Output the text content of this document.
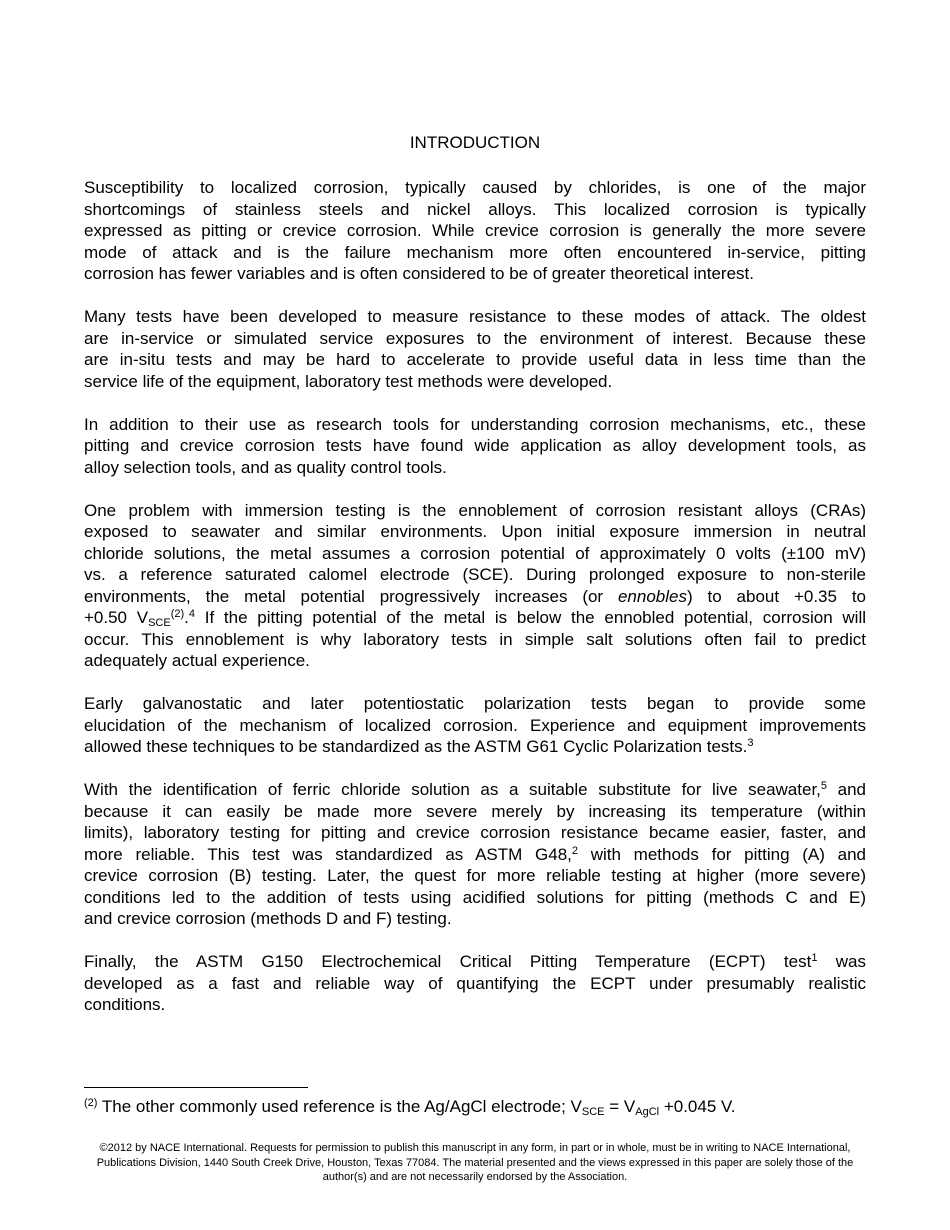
INTRODUCTION
Susceptibility to localized corrosion, typically caused by chlorides, is one of the major
shortcomings of stainless steels and nickel alloys. This localized corrosion is typically
expressed as pitting or crevice corrosion. While crevice corrosion is generally the more severe
mode of attack and is the failure mechanism more often encountered in-service, pitting
corrosion has fewer variables and is often considered to be of greater theoretical interest.
Many tests have been developed to measure resistance to these modes of attack. The oldest
are in-service or simulated service exposures to the environment of interest. Because these
are in-situ tests and may be hard to accelerate to provide useful data in less time than the
service life of the equipment, laboratory test methods were developed.
In addition to their use as research tools for understanding corrosion mechanisms, etc., these
pitting and crevice corrosion tests have found wide application as alloy development tools, as
alloy selection tools, and as quality control tools.
One problem with immersion testing is the ennoblement of corrosion resistant alloys (CRAs)
exposed to seawater and similar environments. Upon initial exposure immersion in neutral
chloride solutions, the metal assumes a corrosion potential of approximately 0 volts (±100 mV)
vs. a reference saturated calomel electrode (SCE). During prolonged exposure to non-sterile
environments, the metal potential progressively increases (or ennobles) to about +0.35 to
+0.50 $V_{SCE}^{(2)}.^4$ If the pitting potential of the metal is below the ennobled potential, corrosion will
occur. This ennoblement is why laboratory tests in simple salt solutions often fail to predict
adequately actual experience.
Early galvanostatic and later potentiostatic polarization tests began to provide some
elucidation of the mechanism of localized corrosion. Experience and equipment improvements
allowed these techniques to be standardized as the ASTM G61 Cyclic Polarization tests.$^3$
With the identification of ferric chloride solution as a suitable substitute for live seawater,$^5$ and
because it can easily be made more severe merely by increasing its temperature (within
limits), laboratory testing for pitting and crevice corrosion resistance became easier, faster, and
more reliable. This test was standardized as ASTM G48,$^2$ with methods for pitting (A) and
crevice corrosion (B) testing. Later, the quest for more reliable testing at higher (more severe)
conditions led to the addition of tests using acidified solutions for pitting (methods C and E)
and crevice corrosion (methods D and F) testing.
Finally, the ASTM G150 Electrochemical Critical Pitting Temperature (ECPT) test$^1$ was
developed as a fast and reliable way of quantifying the ECPT under presumably realistic
conditions.
$^{(2)}$ The other commonly used reference is the Ag/AgCl electrode; $V_{SCE} = V_{AgCl} +0.045$ V.
©2012 by NACE International. Requests for permission to publish this manuscript in any form, in part or in whole, must be in writing to NACE International,
Publications Division, 1440 South Creek Drive, Houston, Texas 77084. The material presented and the views expressed in this paper are solely those of the
author(s) and are not necessarily endorsed by the Association.
